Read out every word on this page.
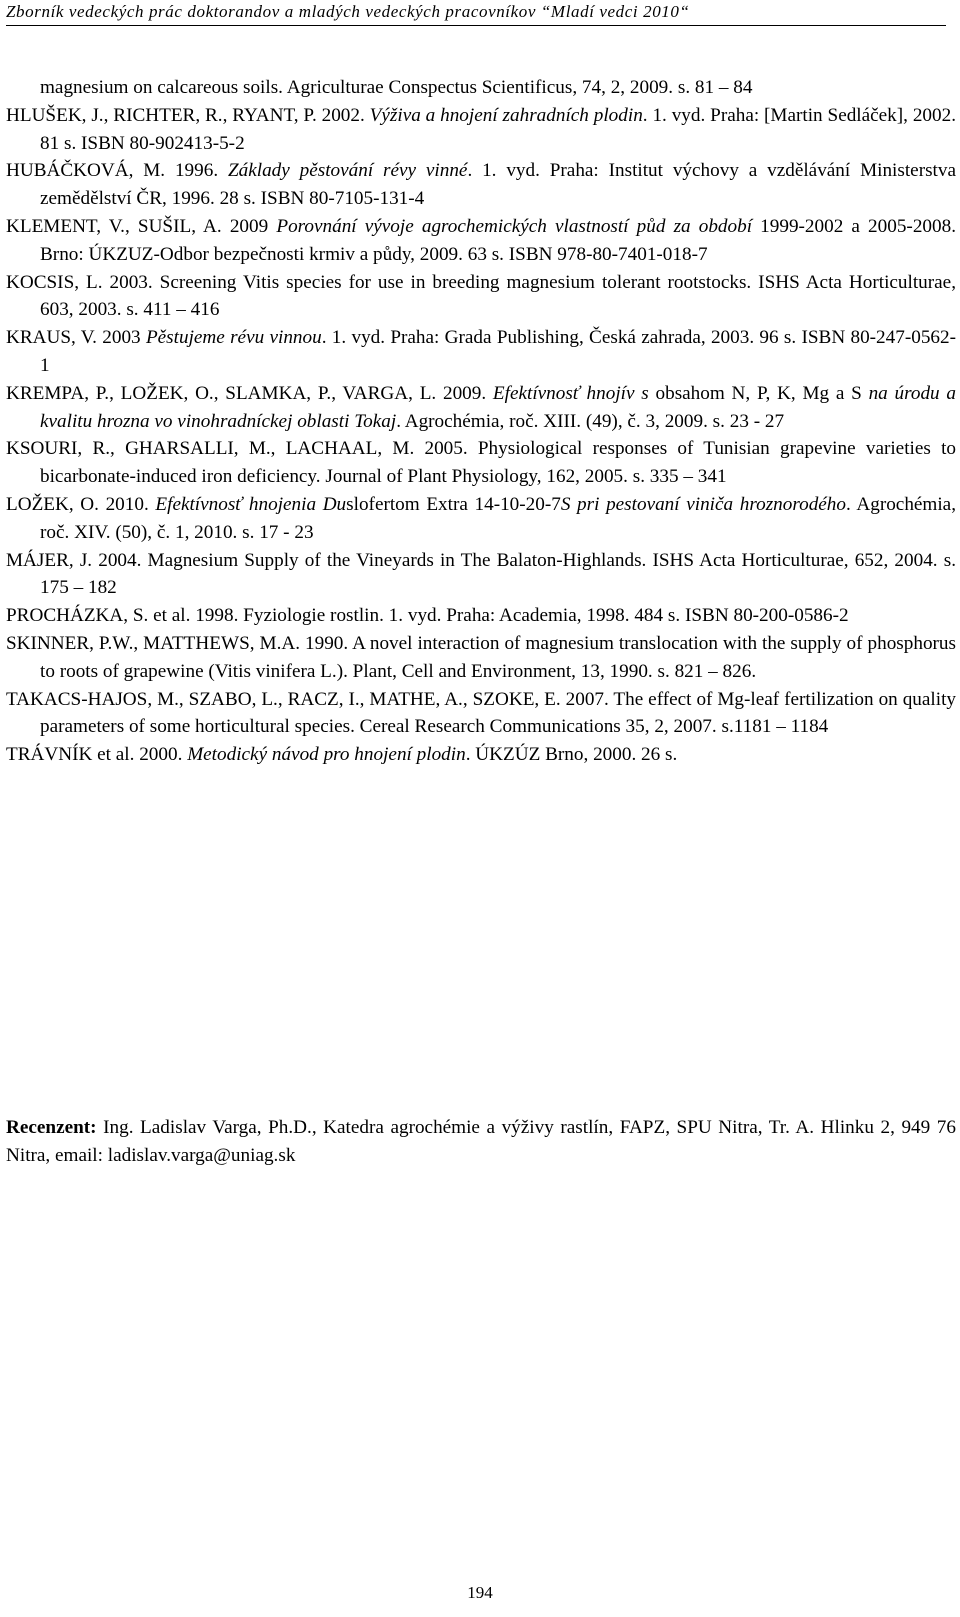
Zborník vedeckých prác doktorandov a mladých vedeckých pracovníkov “Mladí vedci 2010“

magnesium on calcareous soils. Agriculturae Conspectus Scientificus, 74, 2, 2009. s. 81 – 84

HLUŠEK, J., RICHTER, R., RYANT, P. 2002. Výživa a hnojení zahradních plodin. 1. vyd. Praha: [Martin Sedláček], 2002. 81 s. ISBN 80-902413-5-2

HUBÁČKOVÁ, M. 1996. Základy pěstování révy vinné. 1. vyd. Praha: Institut výchovy a vzdělávání Ministerstva zemědělství ČR, 1996. 28 s. ISBN 80-7105-131-4

KLEMENT, V., SUŠIL, A. 2009 Porovnání vývoje agrochemických vlastností půd za období 1999-2002 a 2005-2008. Brno: ÚKZUZ-Odbor bezpečnosti krmiv a půdy, 2009. 63 s. ISBN 978-80-7401-018-7

KOCSIS, L. 2003. Screening Vitis species for use in breeding magnesium tolerant rootstocks. ISHS Acta Horticulturae, 603, 2003. s. 411 – 416

KRAUS, V. 2003 Pěstujeme révu vinnou. 1. vyd. Praha: Grada Publishing, Česká zahrada, 2003. 96 s. ISBN 80-247-0562-1

KREMPA, P., LOŽEK, O., SLAMKA, P., VARGA, L. 2009. Efektívnosť hnojív s obsahom N, P, K, Mg a S na úrodu a kvalitu hrozna vo vinohradníckej oblasti Tokaj. Agrochémia, roč. XIII. (49), č. 3, 2009. s. 23 - 27

KSOURI, R., GHARSALLI, M., LACHAAL, M. 2005. Physiological responses of Tunisian grapevine varieties to bicarbonate-induced iron deficiency. Journal of Plant Physiology, 162, 2005. s. 335 – 341

LOŽEK, O. 2010. Efektívnosť hnojenia Duslofertom Extra 14-10-20-7S pri pestovaní viniča hroznorodého. Agrochémia, roč. XIV. (50), č. 1, 2010. s. 17 - 23

MÁJER, J. 2004. Magnesium Supply of the Vineyards in The Balaton-Highlands. ISHS Acta Horticulturae, 652, 2004. s. 175 – 182

PROCHÁZKA, S. et al. 1998. Fyziologie rostlin. 1. vyd. Praha: Academia, 1998. 484 s. ISBN 80-200-0586-2

SKINNER, P.W., MATTHEWS, M.A. 1990. A novel interaction of magnesium translocation with the supply of phosphorus to roots of grapewine (Vitis vinifera L.). Plant, Cell and Environment, 13, 1990. s. 821 – 826.

TAKACS-HAJOS, M., SZABO, L., RACZ, I., MATHE, A., SZOKE, E. 2007. The effect of Mg-leaf fertilization on quality parameters of some horticultural species. Cereal Research Communications 35, 2, 2007. s.1181 – 1184

TRÁVNÍK et al. 2000. Metodický návod pro hnojení plodin. ÚKZÚZ Brno, 2000. 26 s.

Recenzent: Ing. Ladislav Varga, Ph.D., Katedra agrochémie a výživy rastlín, FAPZ, SPU Nitra, Tr. A. Hlinku 2, 949 76 Nitra, email: ladislav.varga@uniag.sk

194
